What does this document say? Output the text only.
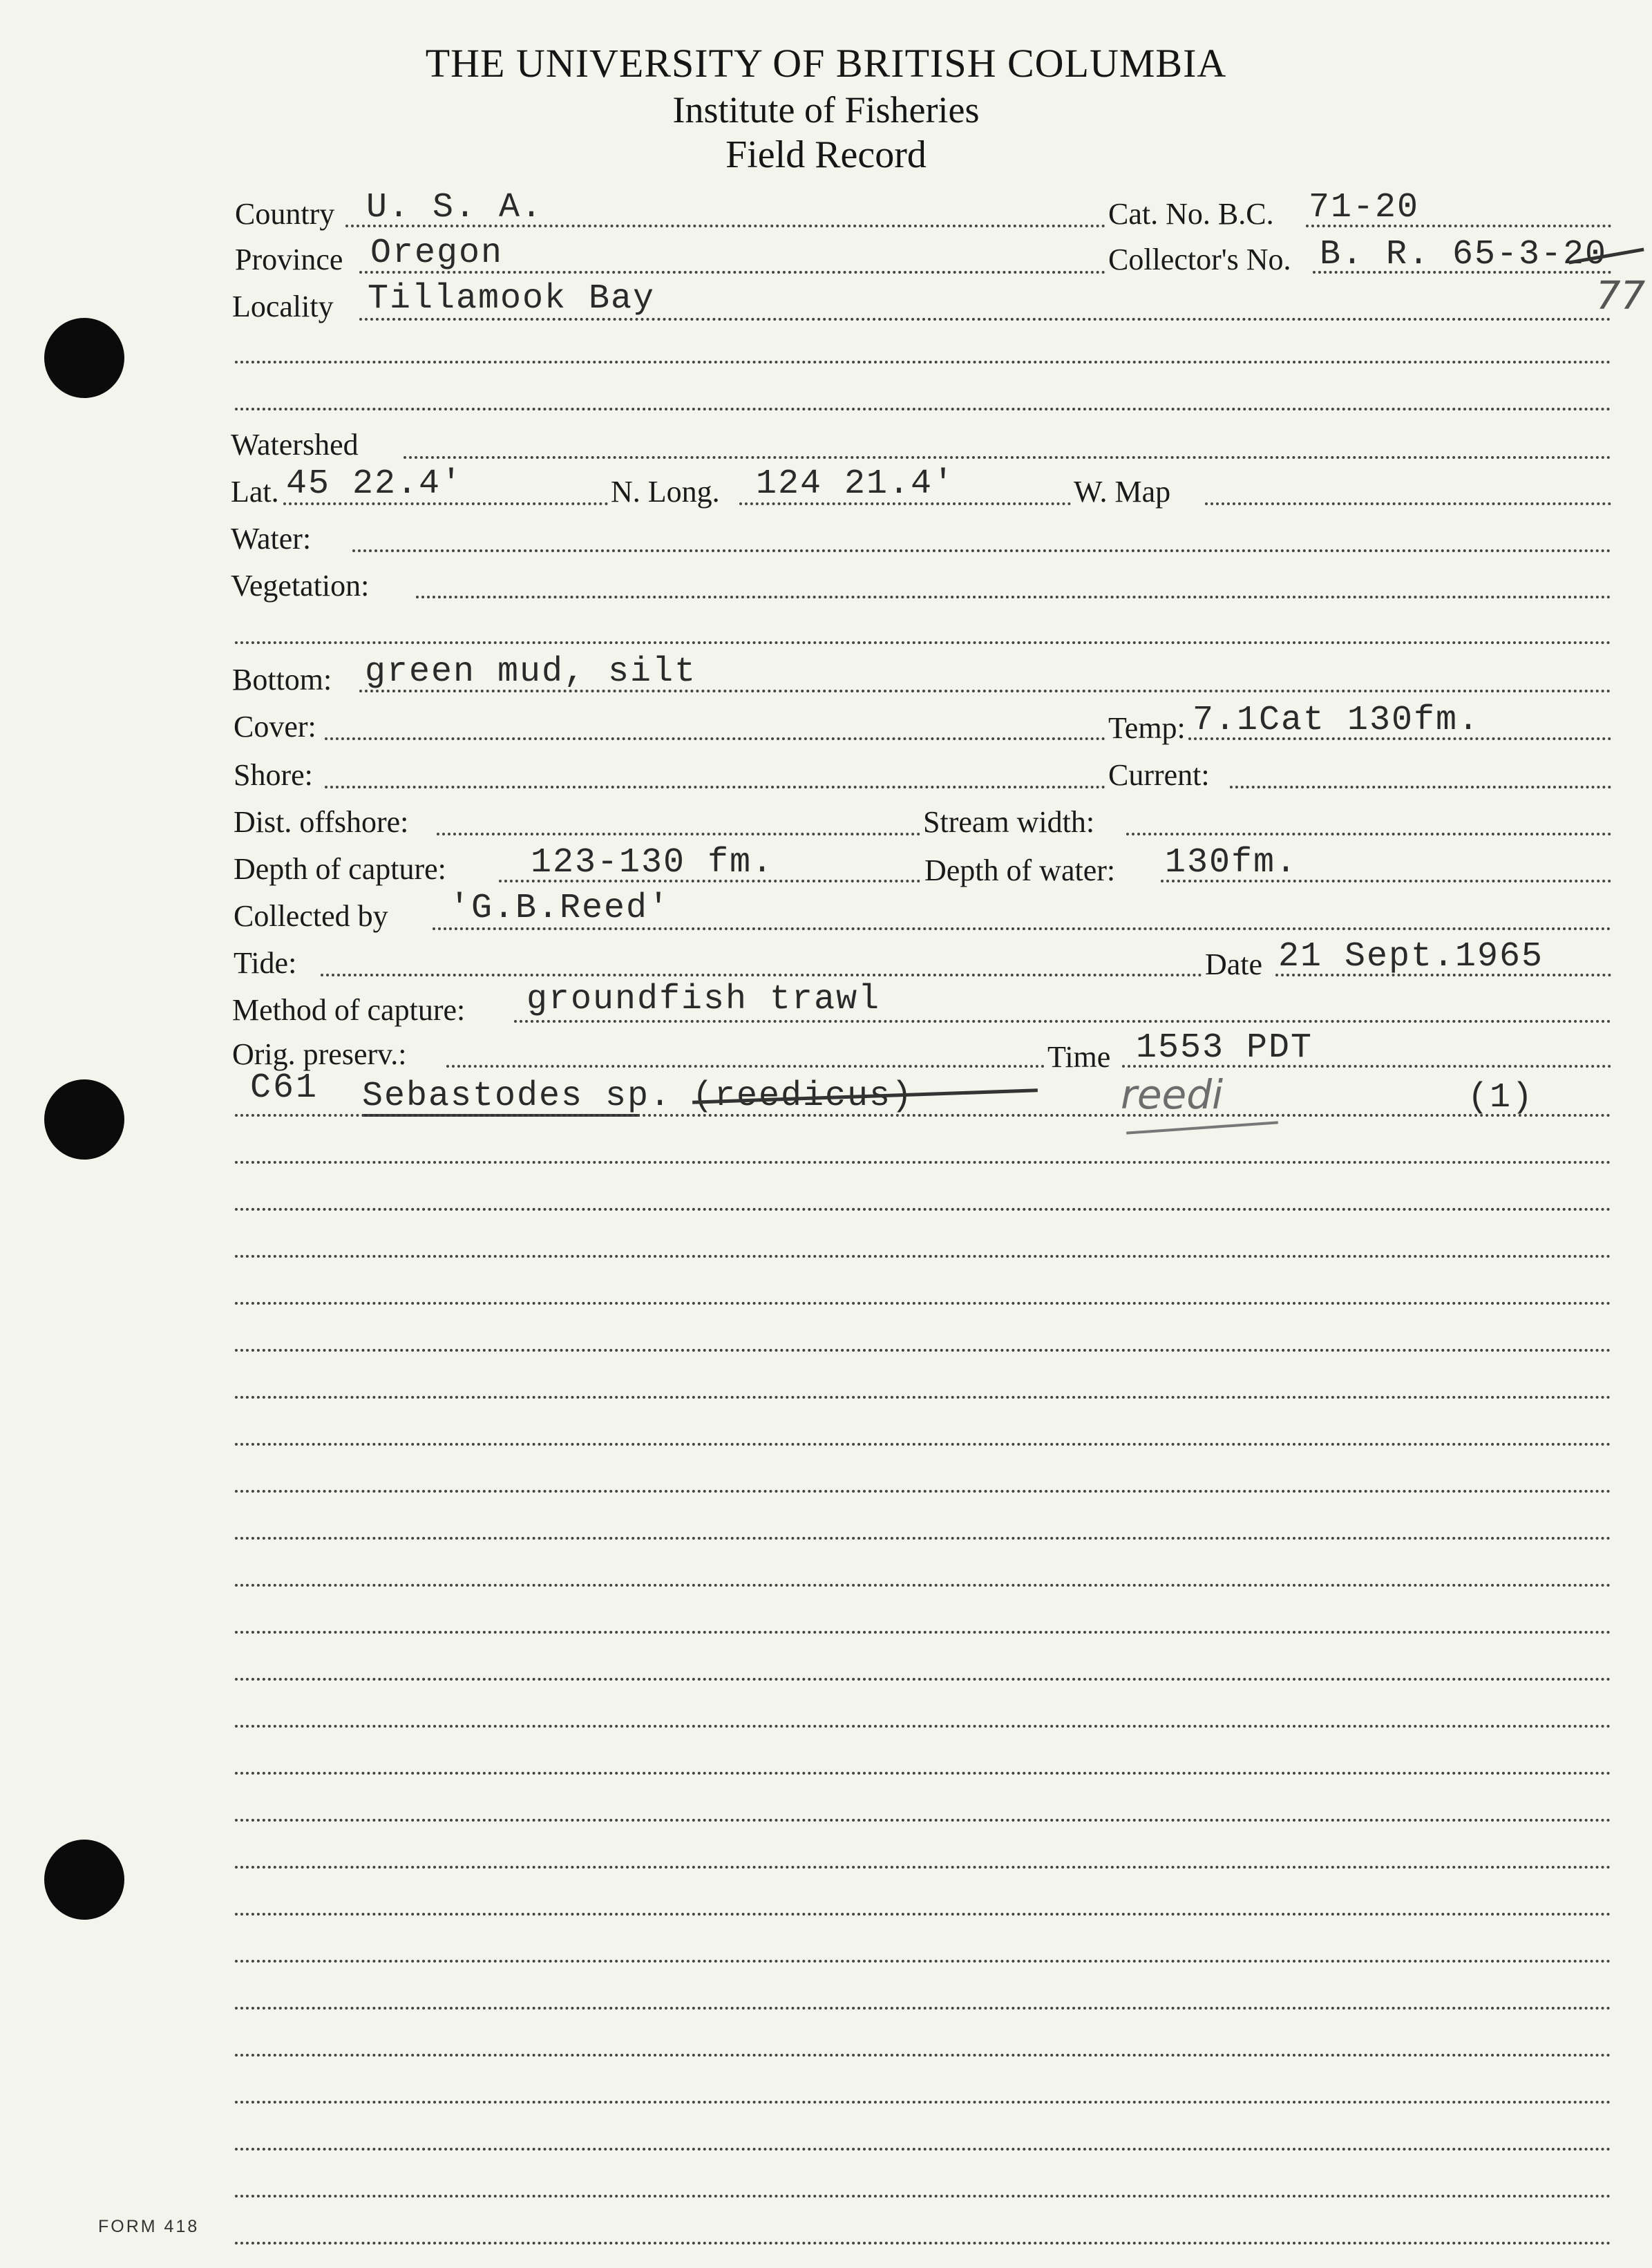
THE UNIVERSITY OF BRITISH COLUMBIA
Institute of Fisheries
Field Record
Country U. S. A.	Cat. No. B.C. 71-20
Province Oregon	Collector's No. B. R. 65-3-20
77
Locality Tillamook Bay
Watershed
Lat. 45 22.4'	N. Long. 124 21.4'	W. Map
Water:
Vegetation:
Bottom: green mud, silt
Cover:	Temp: 7.1Cat 130fm.
Shore:	Current:
Dist. offshore:	Stream width:
Depth of capture: 123-130 fm.	Depth of water: 130fm.
Collected by 'G.B.Reed'
Tide:	Date 21 Sept.1965
Method of capture: groundfish trawl
Orig. preserv.:	Time 1553 PDT
C61 Sebastodes sp. (reedicus)	reedi	(1)
FORM 418
